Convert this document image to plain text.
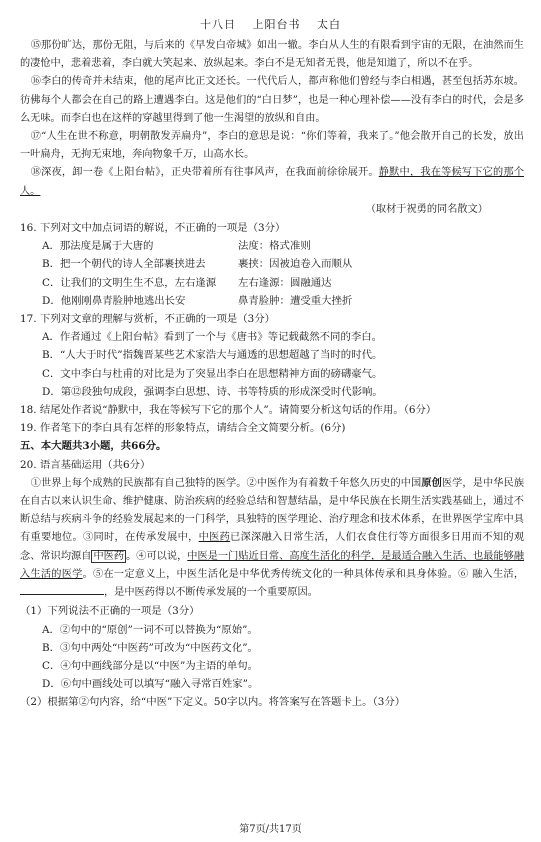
十八日 上阳台书 太白

⑮那份旷达，那份无阻，与后来的《早发白帝城》如出一辙。李白从人生的有限看到宇宙的无限，在油然而生的凄怆中，悲着悲着，李白就大笑起来、放纵起来。李白不是无知者无畏，他是知道了，所以不在乎。

⑯李白的传奇并未结束，他的尾声比正文还长。一代代后人，都声称他们曾经与李白相遇，甚至包括苏东坡。彷佛每个人都会在自己的路上遭遇李白。这是他们的“白日梦”，也是一种心理补偿——没有李白的时代，会是多么无味。而李白也在这样的穿越里得到了他一生渴望的放纵和自由。

⑰“人生在世不称意，明朝散发弄扁舟”，李白的意思是说：“你们等着，我来了。”他会散开自己的长发，放出一叶扁舟，无拘无束地，奔向物象千万，山高水长。

⑱深夜，卸一卷《上阳台帖》，正央带着所有往事风声，在我面前徐徐展开。静默中，我在等候写下它的那个人。

（取材于祝勇的同名散文）

16. 下列对文中加点词语的解说，不正确的一项是（3分）

A．那法度是属于大唐的	法度：格式准则
B．把一个朝代的诗人全部裹挟进去	裹挟：因被迫卷入而顺从
C．让我们的文明生生不息，左右逢源 左右逢源：圆融通达
D．他刚刚鼻青脸肿地逃出长安	鼻青脸肿：遭受重大挫折

17. 下列对文章的理解与赏析，不正确的一项是（3分）

A．作者通过《上阳台帖》看到了一个与《唐书》等记载截然不同的李白。
B．“人大于时代”指魏晋某些艺术家浩大与通透的思想超越了当时的时代。
C．文中李白与杜甫的对比是为了突显出李白在思想精神方面的磅礴豪气。
D．第⑫段独句成段，强调李白思想、诗、书等特质的形成深受时代影响。

18. 结尾处作者说“静默中，我在等候写下它的那个人”。请简要分析这句话的作用。（6分）

19. 作者笔下的李白具有怎样的形象特点，请结合全文简要分析。(6分)

五、本大题共3小题，共66分。

20. 语言基础运用（共6分）

①世界上每个成熟的民族都有自己独特的医学。②中医作为有着数千年悠久历史的中国原创医学，是中华民族在自古以来认识生命、维护健康、防治疾病的经验总结和智慧结晶，是中华民族在长期生活实践基础上，通过不断总结与疾病斗争的经验发展起来的一门科学，具独特的医学理论、治疗理念和技术体系，在世界医学宝库中具有重要地位。③同时，在传承发展中，中医药已深深融入日常生活，人们衣食住行等方面很多日用而不知的观念、常识均源自 中医药 。④可以说，中医是一门贴近日常、高度生活化的科学，是最适合融入生活、也最能够融入生活的医学。⑤在一定意义上，中医生活化是中华优秀传统文化的一种具体传承和具身体验。⑥ 融入生活，，是中医药得以不断传承发展的一个重要原因。

（1）下列说法不正确的一项是（3分）

A．②句中的“原创”一词不可以替换为“原始”。
B．③句中两处“中医药”可改为“中医药文化”。
C．④句中画线部分是以“中医”为主语的单句。
D．⑥句中画线处可以填写“融入寻常百姓家”。

（2）根据第②句内容，给“中医”下定义。50字以内。将答案写在答题卡上。（3分）

第7页/共17页
